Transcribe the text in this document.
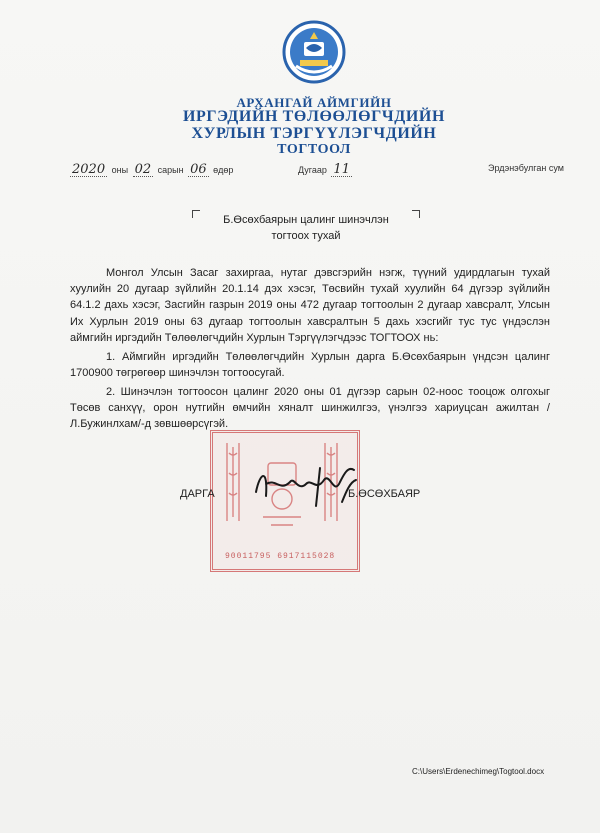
АРХАНГАЙ АЙМГИЙН
ИРГЭДИЙН ТӨЛӨӨЛӨГЧДИЙН
ХУРЛЫН ТЭРГҮҮЛЭГЧДИЙН
ТОГТООЛ
2020 оны 02 сарын 06 өдөр	Дугаар 11	Эрдэнэбулган сум
Б.Өсөхбаярын цалинг шинэчлэн
тогтоох тухай

Монгол Улсын Засаг захиргаа, нутаг дэвсгэрийн нэгж, түүний удирдлагын тухай хуулийн 20 дугаар зүйлийн 20.1.14 дэх хэсэг, Төсвийн тухай хуулийн 64 дүгээр зүйлийн 64.1.2 дахь хэсэг, Засгийн газрын 2019 оны 472 дугаар тогтоолын 2 дугаар хавсралт, Улсын Их Хурлын 2019 оны 63 дугаар тогтоолын хавсралтын 5 дахь хэсгийг тус тус үндэслэн аймгийн иргэдийн Төлөөлөгчдийн Хурлын Тэргүүлэгчдээс ТОГТООХ нь:

1. Аймгийн иргэдийн Төлөөлөгчдийн Хурлын дарга Б.Өсөхбаярын үндсэн цалинг 1700900 төгрөгөөр шинэчлэн тогтоосугай.

2. Шинэчлэн тогтоосон цалинг 2020 оны 01 дүгээр сарын 02-ноос тооцож олгохыг Төсөв санхүү, орон нутгийн өмчийн хяналт шинжилгээ, үнэлгээ хариуцсан ажилтан /Л.Бужинлхам/-д зөвшөөрсүгэй.

90011795 6917115028
ДАРГА	Б.ӨСӨХБАЯР
C:\Users\Erdenechimeg\Togtool.docx
